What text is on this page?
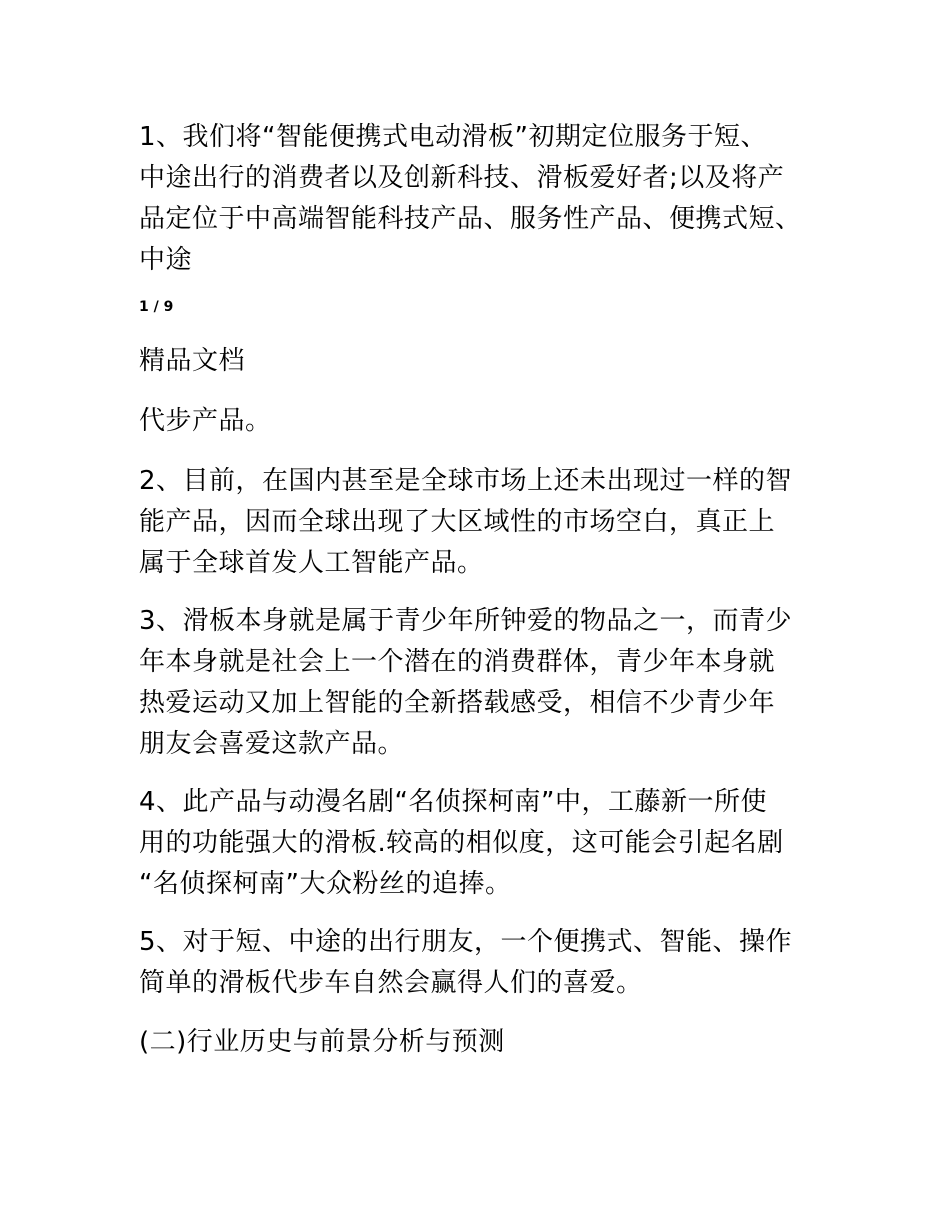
1、我们将“智能便携式电动滑板”初期定位服务于短、
中途出行的消费者以及创新科技、滑板爱好者;以及将产
品定位于中高端智能科技产品、服务性产品、便携式短、
中途
1 / 9
精品文档
代步产品。
2、目前，在国内甚至是全球市场上还未出现过一样的智
能产品，因而全球出现了大区域性的市场空白，真正上
属于全球首发人工智能产品。
3、滑板本身就是属于青少年所钟爱的物品之一，而青少
年本身就是社会上一个潜在的消费群体，青少年本身就
热爱运动又加上智能的全新搭载感受，相信不少青少年
朋友会喜爱这款产品。
4、此产品与动漫名剧“名侦探柯南”中，工藤新一所使
用的功能强大的滑板.较高的相似度，这可能会引起名剧
“名侦探柯南”大众粉丝的追捧。
5、对于短、中途的出行朋友，一个便携式、智能、操作
简单的滑板代步车自然会赢得人们的喜爱。
(二)行业历史与前景分析与预测
